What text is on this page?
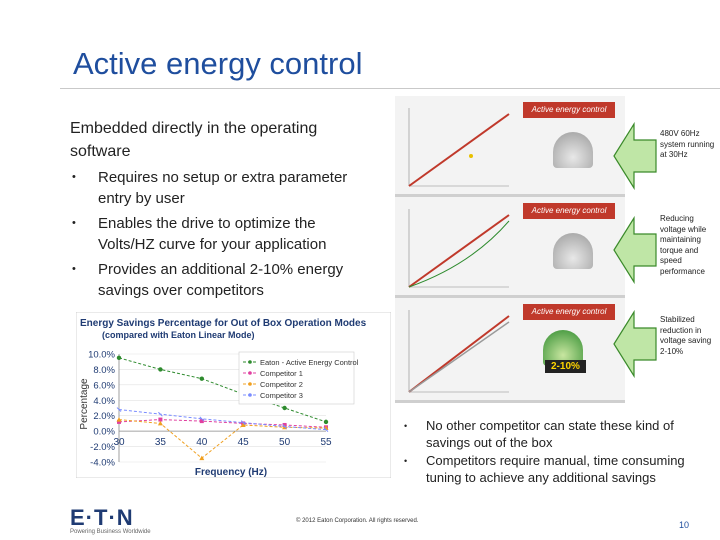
Active energy control
Embedded directly in the operating software
• Requires no setup or extra parameter entry by user
• Enables the drive to optimize the Volts/HZ curve for your application
• Provides an additional 2-10% energy savings over competitors
Energy Savings Percentage for Out of Box Operation Modes
(compared with Eaton Linear Mode)
Percentage
Frequency (Hz)
10.0%
8.0%
6.0%
4.0%
2.0%
0.0%
-2.0%
-4.0%
30	35	40	45	50	55
Eaton - Active Energy Control
Competitor 1
Competitor 2
Competitor 3
Active energy control
Active energy control
Active energy control
2-10%
480V 60Hz system running at 30Hz
Reducing voltage while maintaining torque and speed performance
Stabilized reduction in voltage saving 2-10%
• No other competitor can state these kind of savings out of the box
• Competitors require manual, time consuming tuning to achieve any additional savings
E·T·N
Powering Business Worldwide
© 2012 Eaton Corporation. All rights reserved.	10
